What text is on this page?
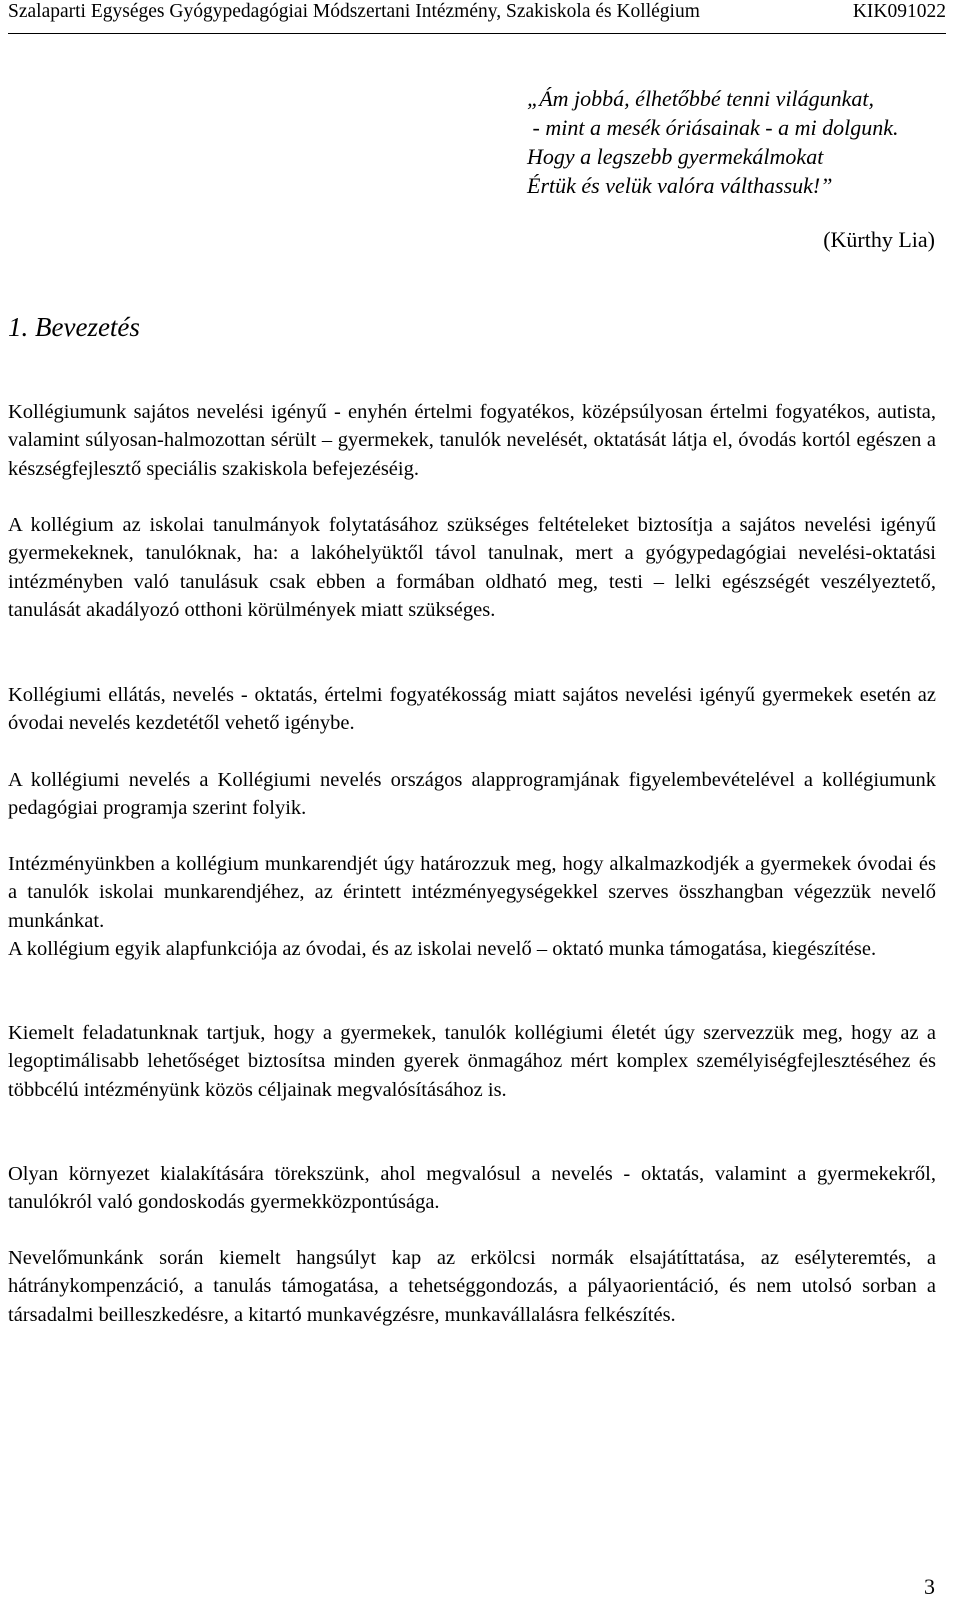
Szalaparti Egységes Gyógypedagógiai Módszertani Intézmény, Szakiskola és Kollégium	KIK091022
„Ám jobbá, élhetőbbé tenni világunkat,
- mint a mesék óriásainak - a mi dolgunk.
Hogy a legszebb gyermekálmokat
Értük és velük valóra válthassuk!”
(Kürthy Lia)
1. Bevezetés

Kollégiumunk sajátos nevelési igényű - enyhén értelmi fogyatékos, középsúlyosan értelmi fogyatékos, autista, valamint súlyosan-halmozottan sérült – gyermekek, tanulók nevelését, oktatását látja el, óvodás kortól egészen a készségfejlesztő speciális szakiskola befejezéséig.

A kollégium az iskolai tanulmányok folytatásához szükséges feltételeket biztosítja a sajátos nevelési igényű gyermekeknek, tanulóknak, ha: a lakóhelyüktől távol tanulnak, mert a gyógypedagógiai nevelési-oktatási intézményben való tanulásuk csak ebben a formában oldható meg, testi – lelki egészségét veszélyeztető, tanulását akadályozó otthoni körülmények miatt szükséges.

Kollégiumi ellátás, nevelés - oktatás, értelmi fogyatékosság miatt sajátos nevelési igényű gyermekek esetén az óvodai nevelés kezdetétől vehető igénybe.

A kollégiumi nevelés a Kollégiumi nevelés országos alapprogramjának figyelembevételével a kollégiumunk pedagógiai programja szerint folyik.

Intézményünkben a kollégium munkarendjét úgy határozzuk meg, hogy alkalmazkodjék a gyermekek óvodai és a tanulók iskolai munkarendjéhez, az érintett intézményegységekkel szerves összhangban végezzük nevelő munkánkat.

A kollégium egyik alapfunkciója az óvodai, és az iskolai nevelő – oktató munka támogatása, kiegészítése.

Kiemelt feladatunknak tartjuk, hogy a gyermekek, tanulók kollégiumi életét úgy szervezzük meg, hogy az a legoptimálisabb lehetőséget biztosítsa minden gyerek önmagához mért komplex személyiségfejlesztéséhez és többcélú intézményünk közös céljainak megvalósításához is.

Olyan környezet kialakítására törekszünk, ahol megvalósul a nevelés - oktatás, valamint a gyermekekről, tanulókról való gondoskodás gyermekközpontúsága.

Nevelőmunkánk során kiemelt hangsúlyt kap az erkölcsi normák elsajátíttatása, az esélyteremtés, a hátránykompenzáció, a tanulás támogatása, a tehetséggondozás, a pályaorientáció, és nem utolsó sorban a társadalmi beilleszkedésre, a kitartó munkavégzésre, munkavállalásra felkészítés.

3
